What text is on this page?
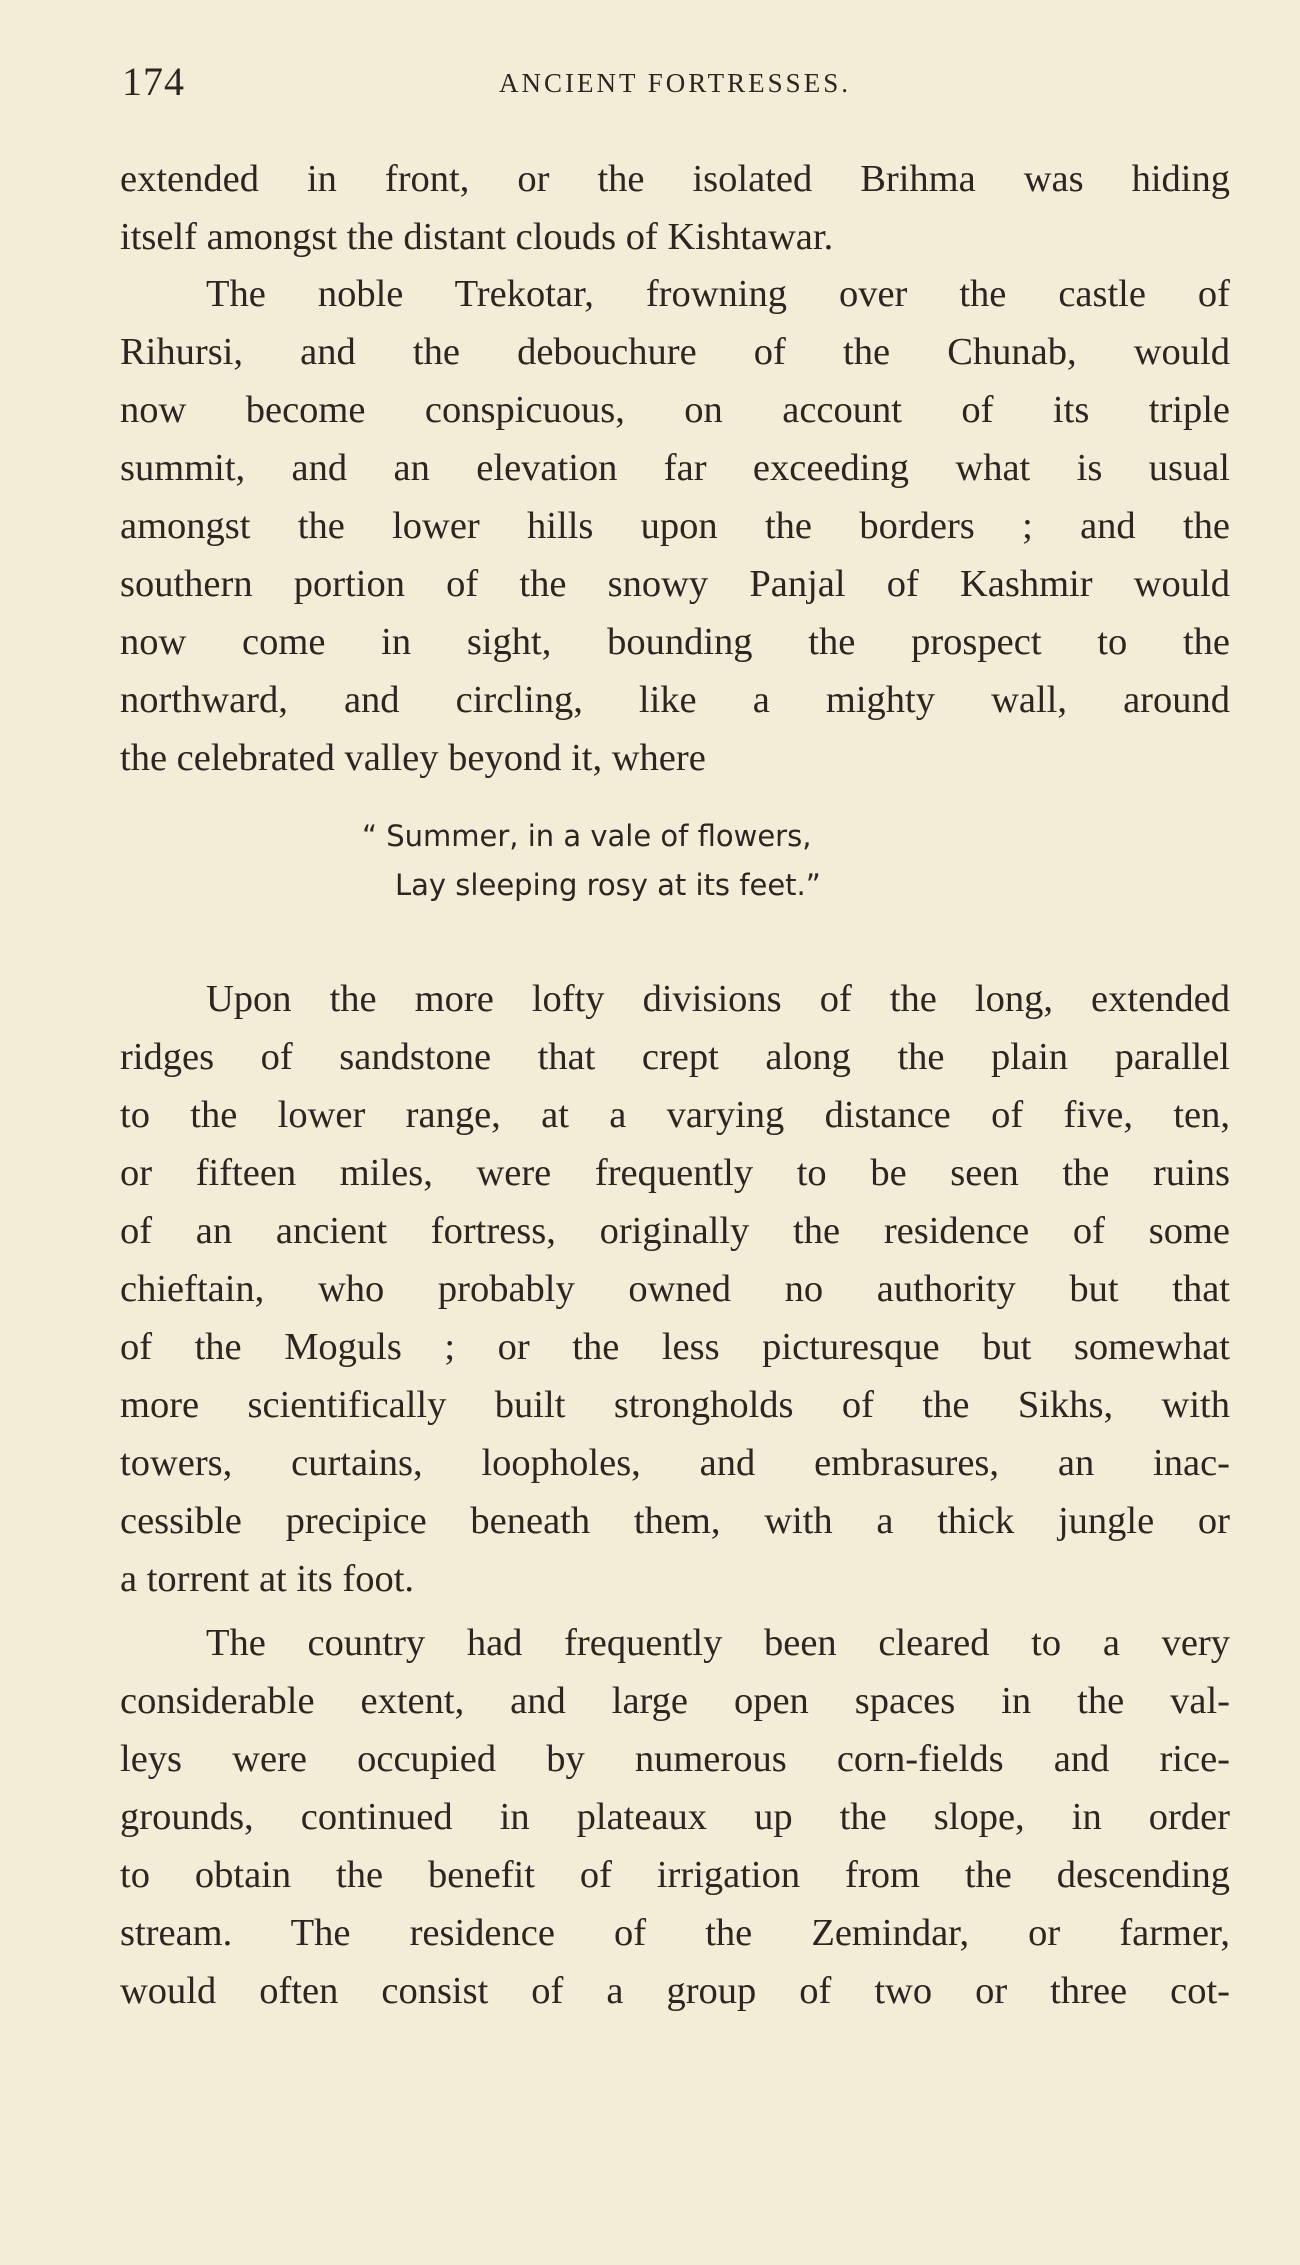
174	ANCIENT FORTRESSES.
extended in front, or the isolated Brihma was hiding
itself amongst the distant clouds of Kishtawar.
The noble Trekotar, frowning over the castle of
Rihursi, and the debouchure of the Chunab, would
now become conspicuous, on account of its triple
summit, and an elevation far exceeding what is usual
amongst the lower hills upon the borders ; and the
southern portion of the snowy Panjal of Kashmir would
now come in sight, bounding the prospect to the
northward, and circling, like a mighty wall, around
the celebrated valley beyond it, where
“ Summer, in a vale of flowers,
Lay sleeping rosy at its feet.”
Upon the more lofty divisions of the long, extended
ridges of sandstone that crept along the plain parallel
to the lower range, at a varying distance of five, ten,
or fifteen miles, were frequently to be seen the ruins
of an ancient fortress, originally the residence of some
chieftain, who probably owned no authority but that
of the Moguls ; or the less picturesque but somewhat
more scientifically built strongholds of the Sikhs, with
towers, curtains, loopholes, and embrasures, an inac-
cessible precipice beneath them, with a thick jungle or
a torrent at its foot.
The country had frequently been cleared to a very
considerable extent, and large open spaces in the val-
leys were occupied by numerous corn-fields and rice-
grounds, continued in plateaux up the slope, in order
to obtain the benefit of irrigation from the descending
stream. The residence of the Zemindar, or farmer,
would often consist of a group of two or three cot-
